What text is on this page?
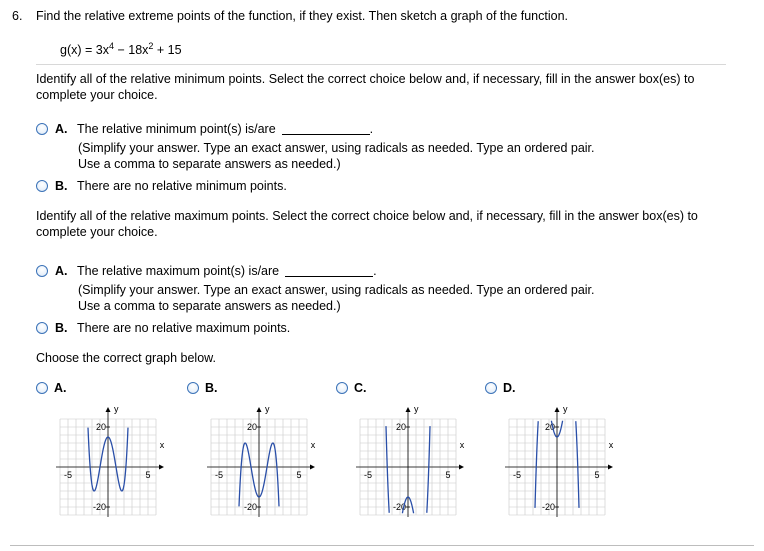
6. Find the relative extreme points of the function, if they exist. Then sketch a graph of the function.
$g(x) = 3x^4 - 18x^2 + 15$
Identify all of the relative minimum points. Select the correct choice below and, if necessary, fill in the answer box(es) to complete your choice.
A. The relative minimum point(s) is/are	.
(Simplify your answer. Type an exact answer, using radicals as needed. Type an ordered pair.
Use a comma to separate answers as needed.)
B. There are no relative minimum points.
Identify all of the relative maximum points. Select the correct choice below and, if necessary, fill in the answer box(es) to complete your choice.
A. The relative maximum point(s) is/are	.
(Simplify your answer. Type an exact answer, using radicals as needed. Type an ordered pair.
Use a comma to separate answers as needed.)
B. There are no relative maximum points.
Choose the correct graph below.
A.	B.	C.	D.
y
x
-5	5
20
-20
y
x
-5	5
20
-20
y
x
-5	5
20
-20
y
x
-5	5
20
-20
